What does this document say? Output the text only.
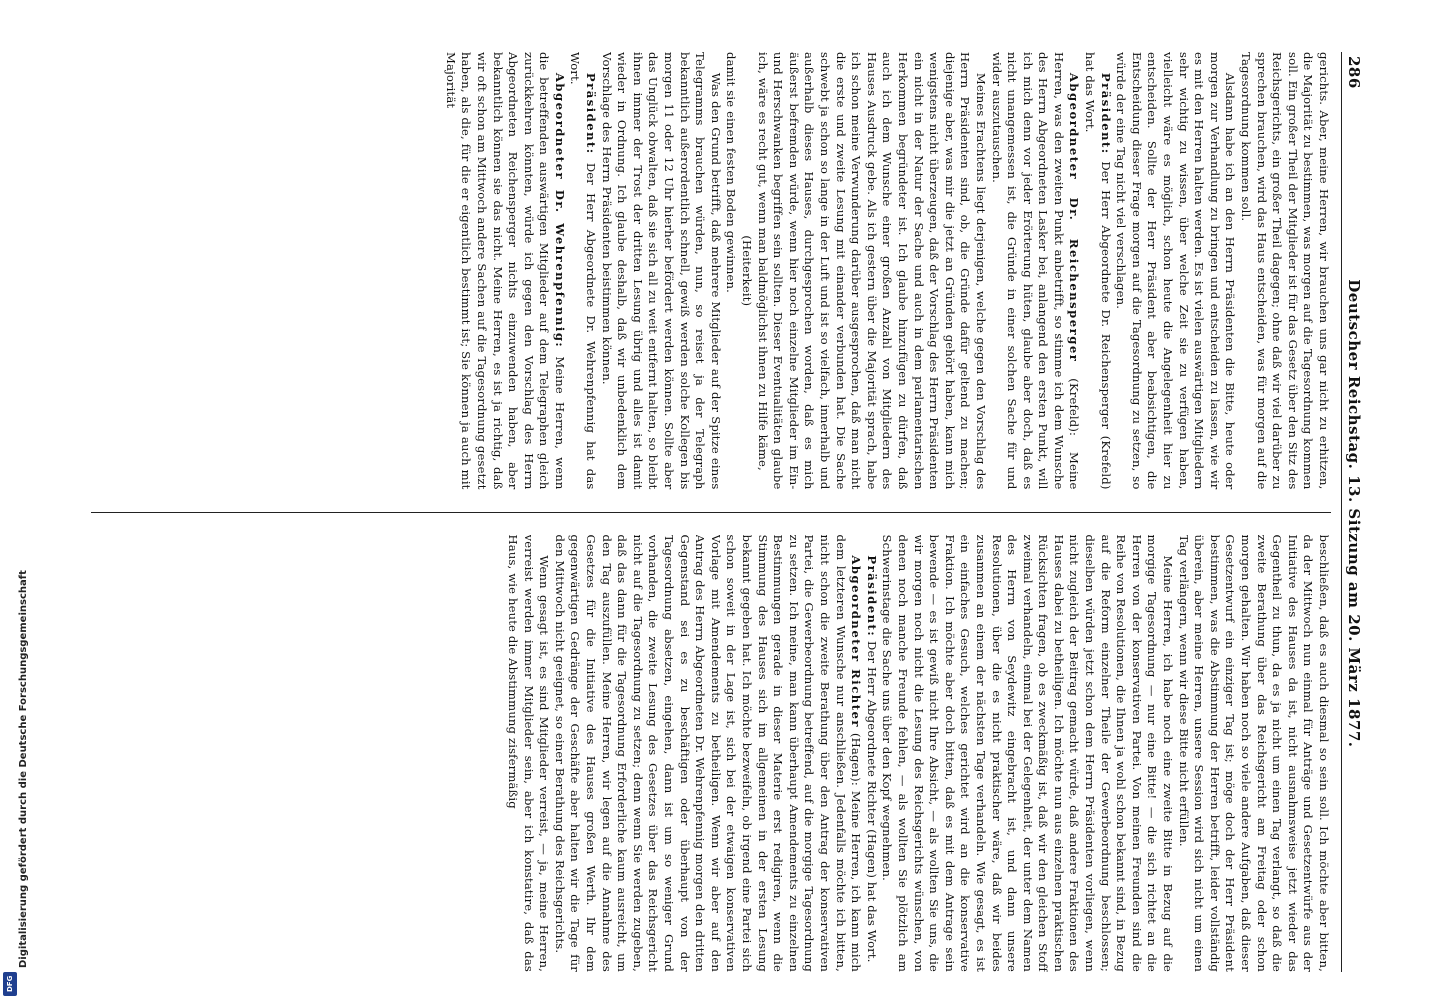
Digitalisierung gefördert durch die Deutsche Forschungsgemeinschaft
DFG
286
Deutscher Reichstag. 13. Sitzung am 20. März 1877.

gerichts. Aber, meine Herren, wir brauchen uns gar nicht zu erhitzen, die Majorität zu bestimmen, was morgen auf die Tagesordnung kommen soll. Ein großer Theil der Mitglieder ist für das Gesetz über den Sitz des Reichsgerichts, ein großer Theil dagegen; ohne daß wir viel darüber zu sprechen brauchen, wird das Haus entscheiden, was für morgen auf die Tagesordnung kommen soll.

Alsdann habe ich an den Herrn Präsidenten die Bitte, heute oder morgen zur Verhandlung zu bringen und entscheiden zu lassen, wie wir es mit den Herren halten werden. Es ist vielen auswärtigen Mitgliedern sehr wichtig zu wissen, über welche Zeit sie zu verfügen haben, vielleicht wäre es möglich, schon heute die Angelegenheit hier zu entscheiden. Sollte der Herr Präsident aber beabsichtigen, die Entscheidung dieser Frage morgen auf die Tagesordnung zu setzen, so würde der eine Tag nicht viel verschlagen.

Präsident: Der Herr Abgeordnete Dr. Reichensperger (Krefeld) hat das Wort.

Abgeordneter Dr. Reichensperger (Krefeld): Meine Herren, was den zweiten Punkt anbetrifft, so stimme ich dem Wunsche des Herrn Abgeordneten Lasker bei, anlangend den ersten Punkt, will ich mich denn vor jeder Erörterung hüten, glaube aber doch, daß es nicht unangemessen ist, die Gründe in einer solchen Sache für und wider auszutauschen.

Meines Erachtens liegt derjenigen, welche gegen den Vorschlag des Herrn Präsidenten sind, ob, die Gründe dafür geltend zu machen; diejenige aber, was mir die jetzt an Gründen gehört haben, kann mich wenigstens nicht überzeugen, daß der Vorschlag des Herrn Präsidenten ein nicht in der Natur der Sache und auch in dem parlamentarischen Herkommen begründeter ist. Ich glaube hinzufügen zu dürfen, daß auch ich dem Wunsche einer großen Anzahl von Mitgliedern des Hauses Ausdruck gebe. Als ich gestern über die Majorität sprach, habe ich schon meine Verwunderung darüber ausgesprochen, daß man nicht die erste und zweite Lesung mit einander verbunden hat. Die Sache schwebt ja schon so lange in der Luft und ist so vielfach, innerhalb und außerhalb dieses Hauses, durchgesprochen worden, daß es mich äußerst befremden würde, wenn hier noch einzelne Mitglieder im Ein- und Herschwanken begriffen sein sollten. Dieser Eventualitäten glaube ich, wäre es recht gut, wenn man baldmöglichst ihnen zu Hilfe käme,

(Heiterkeit)

damit sie einen festen Boden gewinnen.

Was den Grund betrifft, daß mehrere Mitglieder auf der Spitze eines Telegramms brauchen würden, nun, so reiset ja der Telegraph bekanntlich außerordentlich schnell, gewiß werden solche Kollegen bis morgen 11 oder 12 Uhr hierher befördert werden können. Sollte aber das Unglück obwalten, daß sie sich all zu weit entfernt halten, so bleibt ihnen immer der Trost der dritten Lesung übrig und alles ist damit wieder in Ordnung. Ich glaube deshalb, daß wir unbedenklich dem Vorschlage des Herrn Präsidenten beistimmen können.

Präsident: Der Herr Abgeordnete Dr. Wehrenpfennig hat das Wort.

Abgeordneter Dr. Wehrenpfennig: Meine Herren, wenn die betreffenden auswärtigen Mitglieder auf dem Telegraphen gleich zurückkehren könnten, würde ich gegen den Vorschlag des Herrn Abgeordneten Reichensperger nichts einzuwenden haben, aber bekanntlich können sie das nicht. Meine Herren, es ist ja richtig, daß wir oft schon am Mittwoch andere Sachen auf die Tagesordnung gesetzt haben, als die, für die er eigentlich bestimmt ist; Sie können ja auch mit Majorität

beschließen, daß es auch diesmal so sein soll. Ich möchte aber bitten, da der Mittwoch nun einmal für Anträge und Gesetzentwürfe aus der Initiative des Hauses da ist, nicht ausnahmsweise jetzt wieder das Gegentheil zu thun, da es ja nicht um einen Tag verlangt, so daß die zweite Berathung über das Reichsgericht am Freitag oder schon morgen gehalten. Wir haben noch so viele andere Aufgaben, daß dieser Gesetzentwurf ein einziger Tag ist; möge doch der Herr Präsident bestimmen, was die Abstimmung der Herren betrifft, leider vollständig überein, aber meine Herren, unsere Session wird sich nicht um einen Tag verlängern, wenn wir diese Bitte nicht erfüllen.

Meine Herren, ich habe noch eine zweite Bitte in Bezug auf die morgige Tagesordnung — nur eine Bitte! — die sich richtet an die Herren von der konservativen Partei. Von meinen Freunden sind die Reihe von Resolutionen, die Ihnen ja wohl schon bekannt sind, in Bezug auf die Reform einzelner Theile der Gewerbeordnung beschlossen; dieselben würden jetzt schon dem Herrn Präsidenten vorliegen, wenn nicht zugleich der Beitrag gemacht würde, daß andere Fraktionen des Hauses dabei zu betheiligen. Ich möchte nun aus einzelnen praktischen Rücksichten fragen, ob es zweckmäßig ist, daß wir den gleichen Stoff zweimal verhandeln, einmal bei der Gelegenheit, der unter dem Namen des Herrn von Seydewitz eingebracht ist, und dann unsere Resolutionen, über die es nicht praktischer wäre, daß wir beides zusammen an einem der nächsten Tage verhandeln. Wie gesagt, es ist ein einfaches Gesuch, welches gerichtet wird an die konservative Fraktion. Ich möchte aber doch bitten, daß es mit dem Antrage sein bewende — es ist gewiß nicht Ihre Absicht, — als wollten Sie uns, die wir morgen noch nicht die Lesung des Reichsgerichts wünschen, von denen noch manche Freunde fehlen, — als wollten Sie plötzlich am Schwerinstage die Sache uns über den Kopf wegnehmen.

Präsident: Der Herr Abgeordnete Richter (Hagen) hat das Wort.

Abgeordneter Richter (Hagen): Meine Herren, ich kann mich dem letzteren Wunsche nur anschließen. Jedenfalls möchte ich bitten, nicht schon die zweite Berathung über den Antrag der konservativen Partei, die Gewerbeordnung betreffend, auf die morgige Tagesordnung zu setzen. Ich meine, man kann überhaupt Amendements zu einzelnen Bestimmungen gerade in dieser Materie erst redigiren, wenn die Stimmung des Hauses sich im allgemeinen in der ersten Lesung bekannt gegeben hat. Ich möchte bezweifeln, ob irgend eine Partei sich schon soweit in der Lage ist, sich bei der etwaigen konservativen Vorlage mit Amendements zu betheiligen. Wenn wir aber auf den Antrag des Herrn Abgeordneten Dr. Wehrenpfennig morgen den dritten Gegenstand sei es zu beschäftigen oder überhaupt von der Tagesordnung absetzen, eingehen, dann ist um so weniger Grund vorhanden, die zweite Lesung des Gesetzes über das Reichsgericht nicht auf die Tagesordnung zu setzen; denn wenn Sie werden zugeben, daß das dann für die Tagesordnung Erforderliche kaum ausreicht, um den Tag auszufüllen. Meine Herren, wir legen auf die Annahme des Gesetzes für die Initiative des Hauses großen Werth. Ihr dem gegenwärtigen Gedränge der Geschäfte aber halten wir die Tage für den Mittwoch nicht geeignet, so einer Berathung des Reichsgerichts.

Wenn gesagt ist, es sind Mitglieder verreist, — ja, meine Herren, verreist werden immer Mitglieder sein, aber ich konstatire, daß das Haus, wie heute die Abstimmung zisfermäßig
